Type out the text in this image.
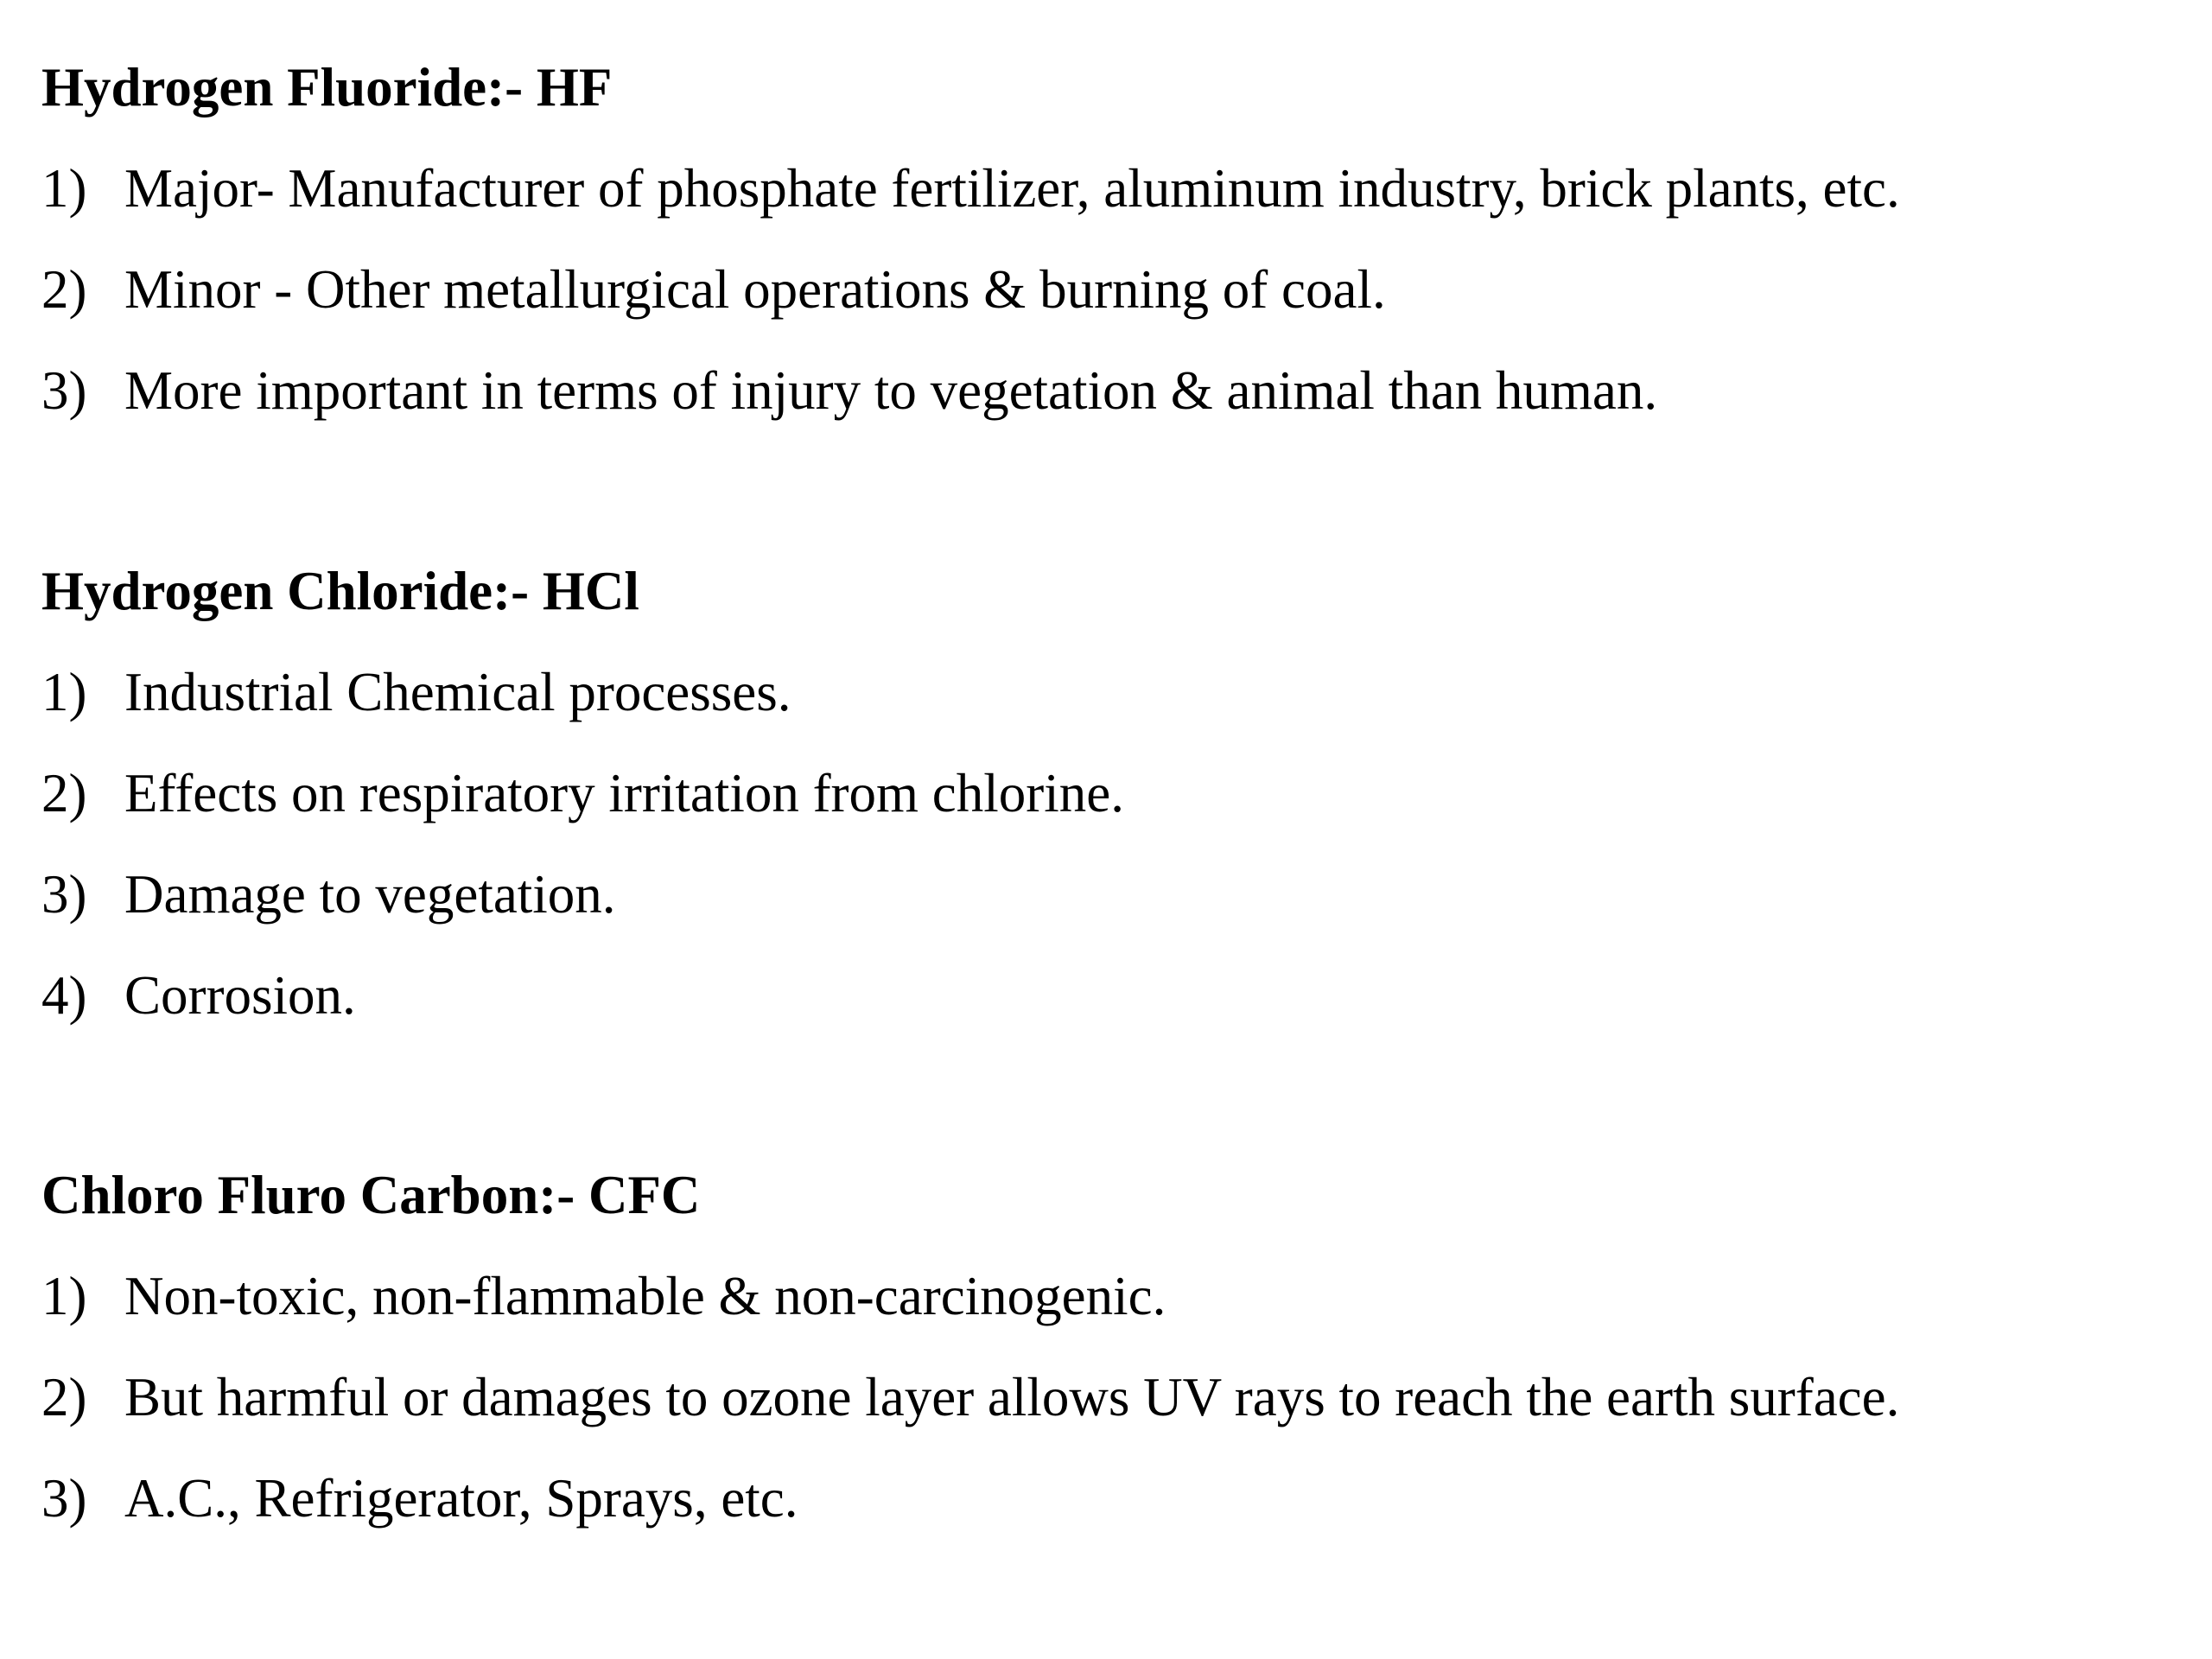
Hydrogen Fluoride:- HF
1) Major- Manufacturer of phosphate fertilizer, aluminum industry, brick plants, etc.
2) Minor - Other metallurgical operations & burning of coal.
3) More important in terms of injury to vegetation & animal than human.
Hydrogen Chloride:- HCl
1) Industrial Chemical processes.
2) Effects on respiratory irritation from chlorine.
3) Damage to vegetation.
4) Corrosion.
Chloro Fluro Carbon:- CFC
1) Non-toxic, non-flammable & non-carcinogenic.
2) But harmful or damages to ozone layer allows UV rays to reach the earth surface.
3) A.C., Refrigerator, Sprays, etc.
